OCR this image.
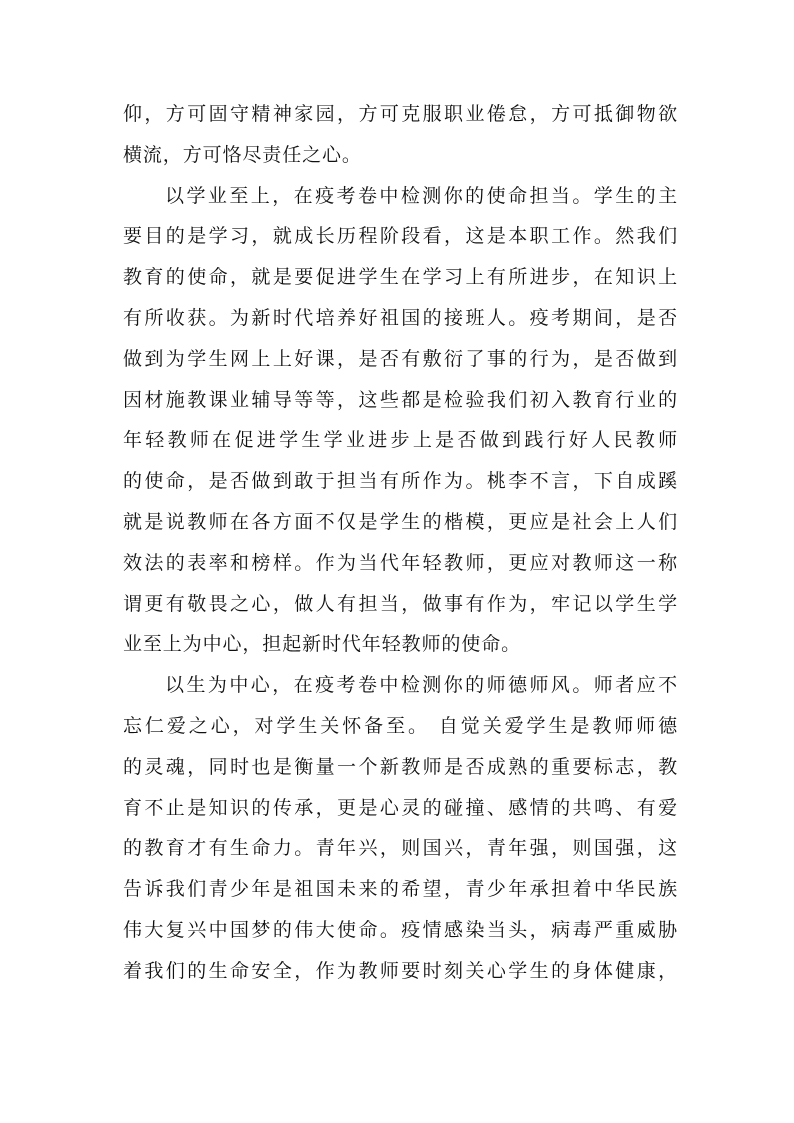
仰，方可固守精神家园，方可克服职业倦怠，方可抵御物欲
横流，方可恪尽责任之心。
以学业至上，在疫考卷中检测你的使命担当。学生的主
要目的是学习，就成长历程阶段看，这是本职工作。然我们
教育的使命，就是要促进学生在学习上有所进步，在知识上
有所收获。为新时代培养好祖国的接班人。疫考期间，是否
做到为学生网上上好课，是否有敷衍了事的行为，是否做到
因材施教课业辅导等等，这些都是检验我们初入教育行业的
年轻教师在促进学生学业进步上是否做到践行好人民教师
的使命，是否做到敢于担当有所作为。桃李不言，下自成蹊
就是说教师在各方面不仅是学生的楷模，更应是社会上人们
效法的表率和榜样。作为当代年轻教师，更应对教师这一称
谓更有敬畏之心，做人有担当，做事有作为，牢记以学生学
业至上为中心，担起新时代年轻教师的使命。
以生为中心，在疫考卷中检测你的师德师风。师者应不
忘仁爱之心，对学生关怀备至。 自觉关爱学生是教师师德
的灵魂，同时也是衡量一个新教师是否成熟的重要标志，教
育不止是知识的传承，更是心灵的碰撞、感情的共鸣、有爱
的教育才有生命力。青年兴，则国兴，青年强，则国强，这
告诉我们青少年是祖国未来的希望，青少年承担着中华民族
伟大复兴中国梦的伟大使命。疫情感染当头，病毒严重威胁
着我们的生命安全，作为教师要时刻关心学生的身体健康，
